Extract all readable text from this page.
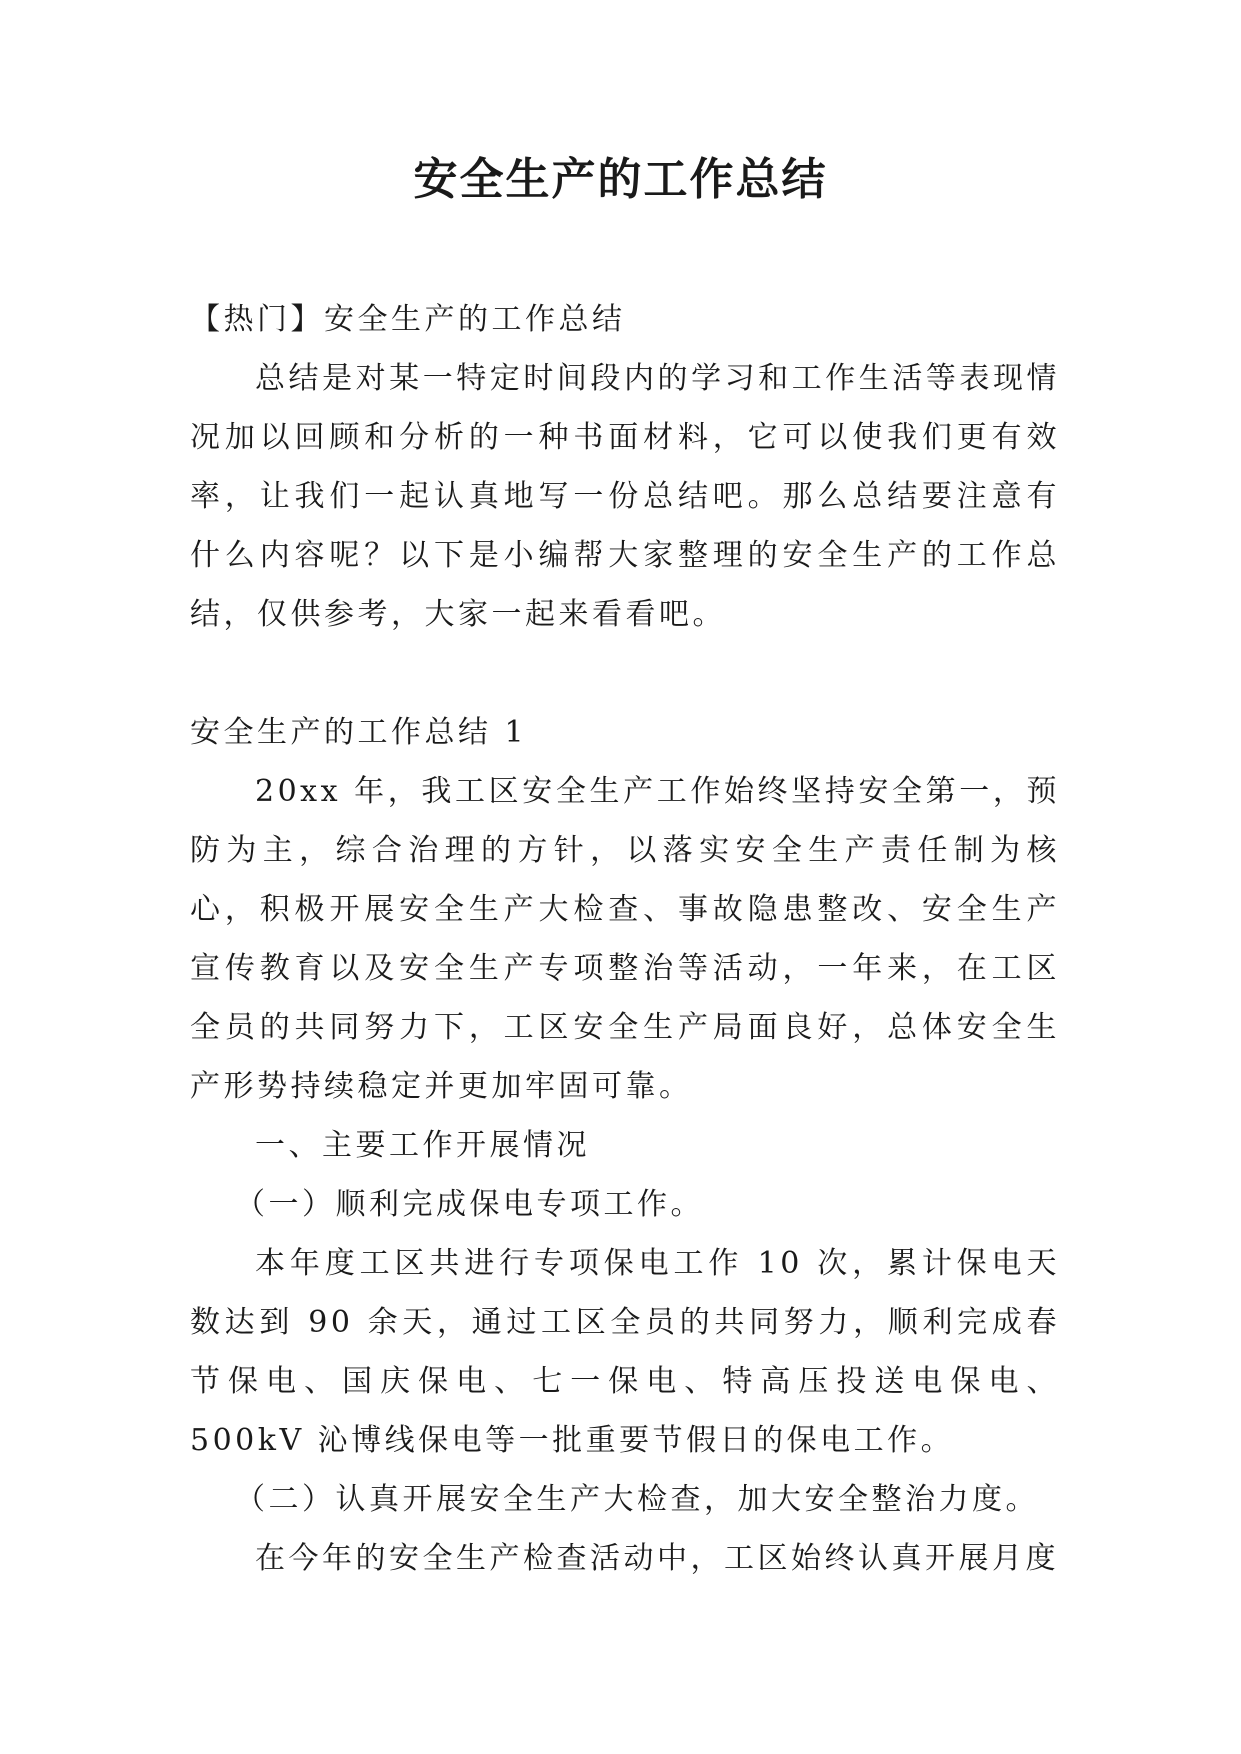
安全生产的工作总结

【热门】安全生产的工作总结

总结是对某一特定时间段内的学习和工作生活等表现情况加以回顾和分析的一种书面材料，它可以使我们更有效率，让我们一起认真地写一份总结吧。那么总结要注意有什么内容呢？以下是小编帮大家整理的安全生产的工作总结，仅供参考，大家一起来看看吧。

安全生产的工作总结 1

20xx 年，我工区安全生产工作始终坚持安全第一，预防为主，综合治理的方针，以落实安全生产责任制为核心，积极开展安全生产大检查、事故隐患整改、安全生产宣传教育以及安全生产专项整治等活动，一年来，在工区全员的共同努力下，工区安全生产局面良好，总体安全生产形势持续稳定并更加牢固可靠。

一、主要工作开展情况

（一）顺利完成保电专项工作。

本年度工区共进行专项保电工作 10 次，累计保电天数达到 90 余天，通过工区全员的共同努力，顺利完成春节保电、国庆保电、七一保电、特高压投送电保电、500kV 沁博线保电等一批重要节假日的保电工作。

（二）认真开展安全生产大检查，加大安全整治力度。

在今年的安全生产检查活动中，工区始终认真开展月度
